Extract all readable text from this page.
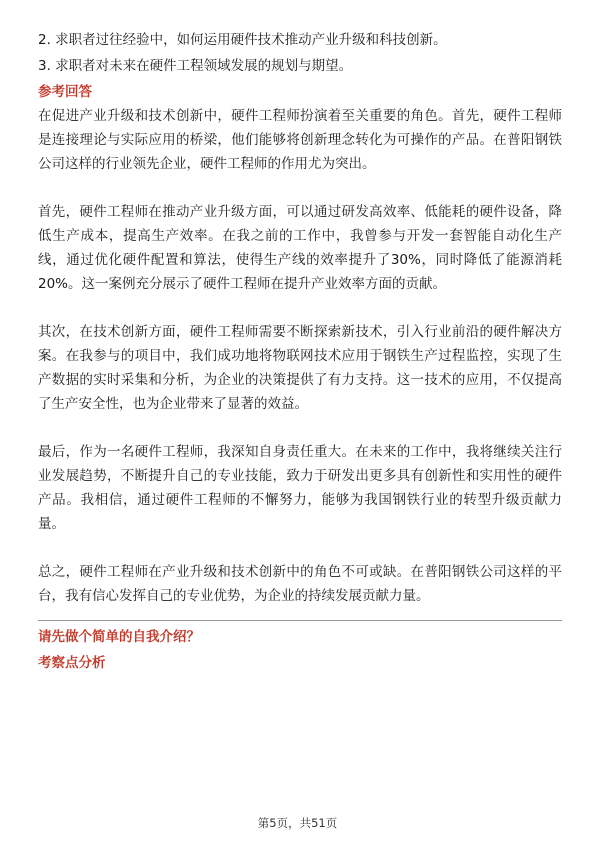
2. 求职者过往经验中，如何运用硬件技术推动产业升级和科技创新。

3. 求职者对未来在硬件工程领域发展的规划与期望。

参考回答

在促进产业升级和技术创新中，硬件工程师扮演着至关重要的角色。首先，硬件工程师是连接理论与实际应用的桥梁，他们能够将创新理念转化为可操作的产品。在普阳钢铁公司这样的行业领先企业，硬件工程师的作用尤为突出。

首先，硬件工程师在推动产业升级方面，可以通过研发高效率、低能耗的硬件设备，降低生产成本，提高生产效率。在我之前的工作中，我曾参与开发一套智能自动化生产线，通过优化硬件配置和算法，使得生产线的效率提升了30%，同时降低了能源消耗20%。这一案例充分展示了硬件工程师在提升产业效率方面的贡献。

其次，在技术创新方面，硬件工程师需要不断探索新技术，引入行业前沿的硬件解决方案。在我参与的项目中，我们成功地将物联网技术应用于钢铁生产过程监控，实现了生产数据的实时采集和分析，为企业的决策提供了有力支持。这一技术的应用，不仅提高了生产安全性，也为企业带来了显著的效益。

最后，作为一名硬件工程师，我深知自身责任重大。在未来的工作中，我将继续关注行业发展趋势，不断提升自己的专业技能，致力于研发出更多具有创新性和实用性的硬件产品。我相信，通过硬件工程师的不懈努力，能够为我国钢铁行业的转型升级贡献力量。

总之，硬件工程师在产业升级和技术创新中的角色不可或缺。在普阳钢铁公司这样的平台，我有信心发挥自己的专业优势，为企业的持续发展贡献力量。

请先做个简单的自我介绍？

考察点分析

第5页，共51页
